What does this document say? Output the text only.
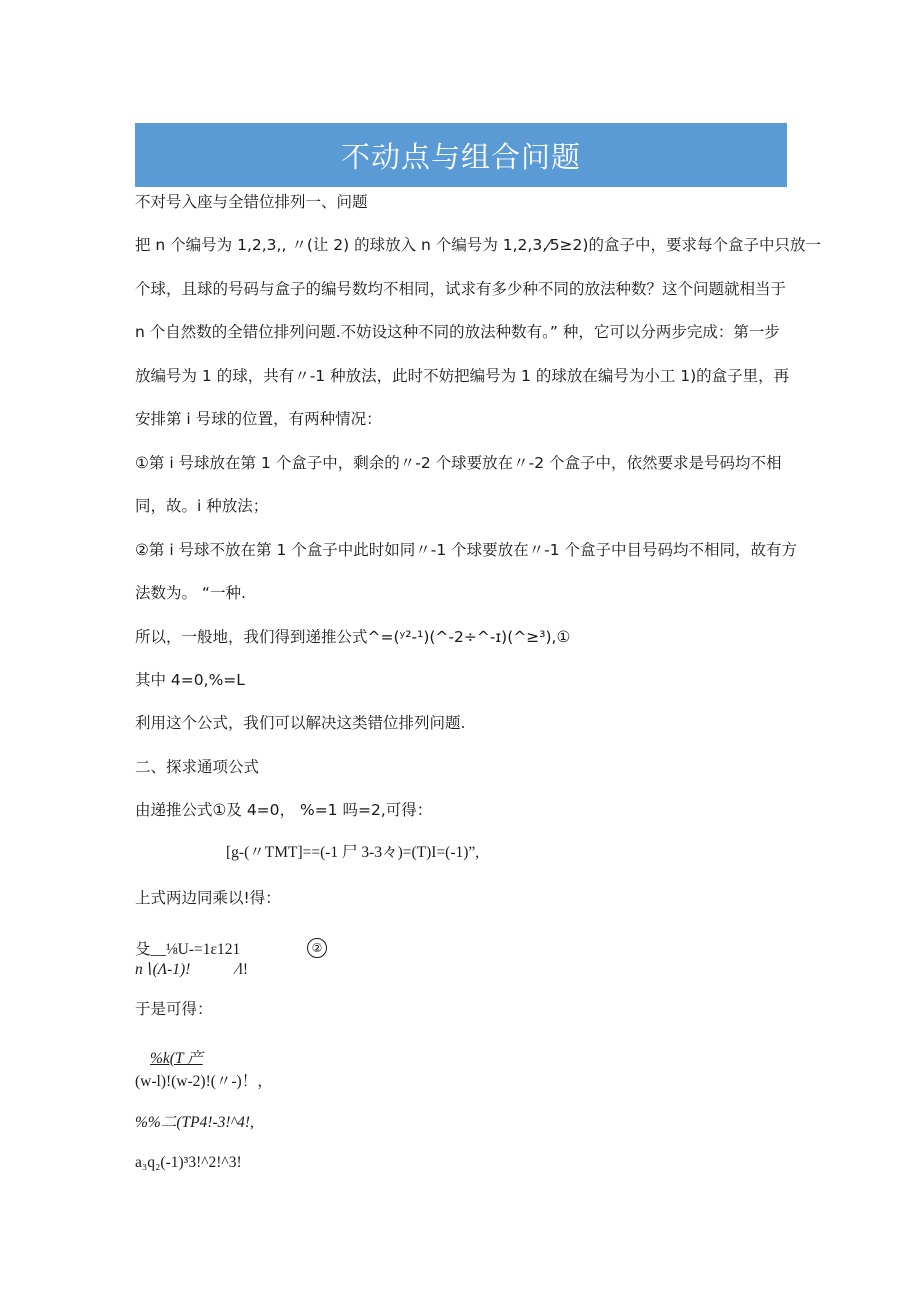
不动点与组合问题
不对号入座与全错位排列一、问题
把 n 个编号为 1,2,3,, 〃(让 2) 的球放入 n 个编号为 1,2,3,⁄5≥2)的盒子中，要求每个盒子中只放一
个球，且球的号码与盒子的编号数均不相同，试求有多少种不同的放法种数？这个问题就相当于
n 个自然数的全错位排列问题.不妨设这种不同的放法种数有。” 种，它可以分两步完成：第一步
放编号为 1 的球，共有〃-1 种放法，此时不妨把编号为 1 的球放在编号为小工 1)的盒子里，再
安排第 i 号球的位置，有两种情况：
①第 i 号球放在第 1 个盒子中，剩余的〃-2 个球要放在〃-2 个盒子中，依然要求是号码均不相
同，故。i 种放法；
②第 i 号球不放在第 1 个盒子中此时如同〃-1 个球要放在〃-1 个盒子中目号码均不相同，故有方
法数为。 “一种.
所以，一般地，我们得到递推公式^=(ʸ²-¹)(^-2÷^-ɪ)(^≥³),①
其中 4=0,%=L
利用这个公式，我们可以解决这类错位排列问题.
二、探求通项公式
由递推公式①及 4=0， %=1 吗=2,可得：
[g-(〃TMT]==(-1 尸 3-3々)=(T)I=(-1)”,
上式两边同乘以!得：
殳__⅛U-=1ε121	②
n∖(Λ-1)!	⁄l!
于是可得：
%k(T 产
(w-l)!(w-2)!(〃-)！，
%%二(TP4!-3!^4!,
a₃q₂(-1)³3!^2!^3!
